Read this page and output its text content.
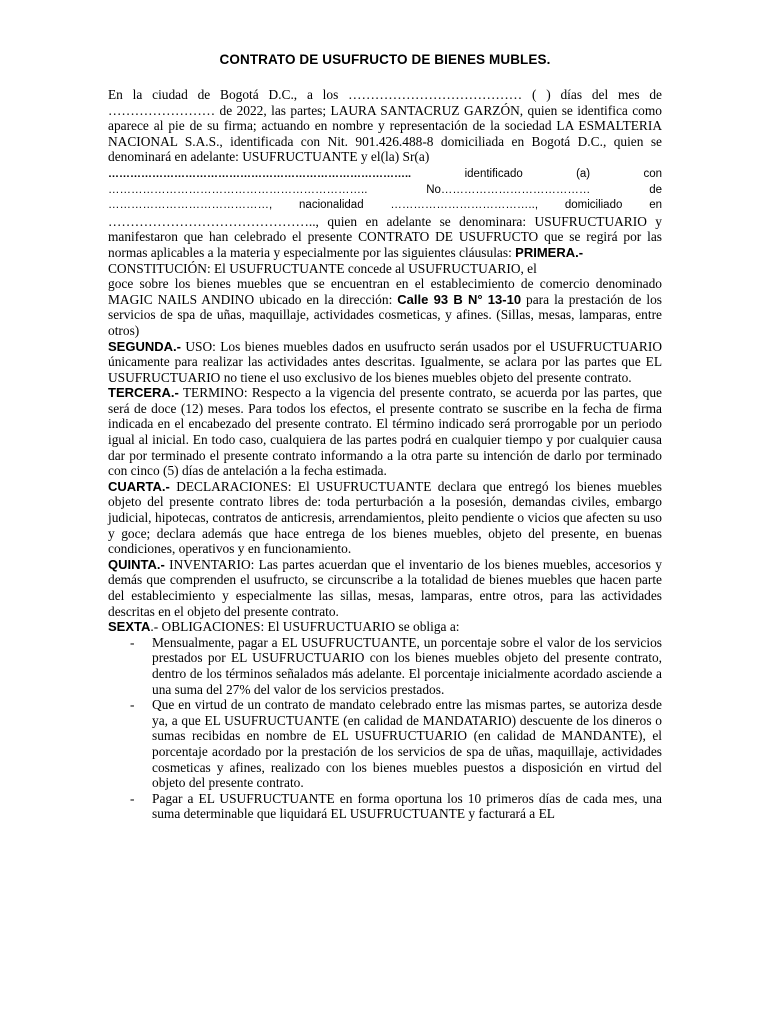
CONTRATO DE USUFRUCTO DE BIENES MUBLES.

En la ciudad de Bogotá D.C., a los ………………………………… ( ) días del mes de

…………………… de 2022, las partes; LAURA SANTACRUZ GARZÓN, quien se identifica como aparece al pie de su firma; actuando en nombre y representación de la sociedad LA ESMALTERIA NACIONAL S.A.S., identificada con Nit. 901.426.488-8 domiciliada en Bogotá D.C., quien se denominará en adelante: USUFRUCTUANTE y el(la) Sr(a)

………………………………………………………………………..	identificado (a) con

………………………………………………………….. No………………………………… de

……………………………………, nacionalidad ……………………………….., domiciliado en

……………………………………….., quien en adelante se denominara: USUFRUCTUARIO y manifestaron que han celebrado el presente CONTRATO DE USUFRUCTO que se regirá por las normas aplicables a la materia y especialmente por las siguientes cláusulas: PRIMERA.-

CONSTITUCIÓN: El USUFRUCTUANTE concede al USUFRUCTUARIO, el

goce sobre los bienes muebles que se encuentran en el establecimiento de comercio denominado MAGIC NAILS ANDINO ubicado en la dirección: Calle 93 B N° 13-10 para la prestación de los servicios de spa de uñas, maquillaje, actividades cosmeticas, y afines. (Sillas, mesas, lamparas, entre otros)

SEGUNDA.- USO: Los bienes muebles dados en usufructo serán usados por el USUFRUCTUARIO únicamente para realizar las actividades antes descritas. Igualmente, se aclara por las partes que EL USUFRUCTUARIO no tiene el uso exclusivo de los bienes muebles objeto del presente contrato.

TERCERA.- TERMINO: Respecto a la vigencia del presente contrato, se acuerda por las partes, que será de doce (12) meses. Para todos los efectos, el presente contrato se suscribe en la fecha de firma indicada en el encabezado del presente contrato. El término indicado será prorrogable por un periodo igual al inicial. En todo caso, cualquiera de las partes podrá en cualquier tiempo y por cualquier causa dar por terminado el presente contrato informando a la otra parte su intención de darlo por terminado con cinco (5) días de antelación a la fecha estimada.

CUARTA.- DECLARACIONES: El USUFRUCTUANTE declara que entregó los bienes muebles objeto del presente contrato libres de: toda perturbación a la posesión, demandas civiles, embargo judicial, hipotecas, contratos de anticresis, arrendamientos, pleito pendiente o vicios que afecten su uso y goce; declara además que hace entrega de los bienes muebles, objeto del presente, en buenas condiciones, operativos y en funcionamiento.

QUINTA.- INVENTARIO: Las partes acuerdan que el inventario de los bienes muebles, accesorios y demás que comprenden el usufructo, se circunscribe a la totalidad de bienes muebles que hacen parte del establecimiento y especialmente las sillas, mesas, lamparas, entre otros, para las actividades descritas en el objeto del presente contrato.

SEXTA.- OBLIGACIONES: El USUFRUCTUARIO se obliga a:

- Mensualmente, pagar a EL USUFRUCTUANTE, un porcentaje sobre el valor de los servicios prestados por EL USUFRUCTUARIO con los bienes muebles objeto del presente contrato, dentro de los términos señalados más adelante. El porcentaje inicialmente acordado asciende a una suma del 27% del valor de los servicios prestados.
- Que en virtud de un contrato de mandato celebrado entre las mismas partes, se autoriza desde ya, a que EL USUFRUCTUANTE (en calidad de MANDATARIO) descuente de los dineros o sumas recibidas en nombre de EL USUFRUCTUARIO (en calidad de MANDANTE), el porcentaje acordado por la prestación de los servicios de spa de uñas, maquillaje, actividades cosmeticas y afines, realizado con los bienes muebles puestos a disposición en virtud del objeto del presente contrato.
- Pagar a EL USUFRUCTUANTE en forma oportuna los 10 primeros días de cada mes, una suma determinable que liquidará EL USUFRUCTUANTE y facturará a EL
